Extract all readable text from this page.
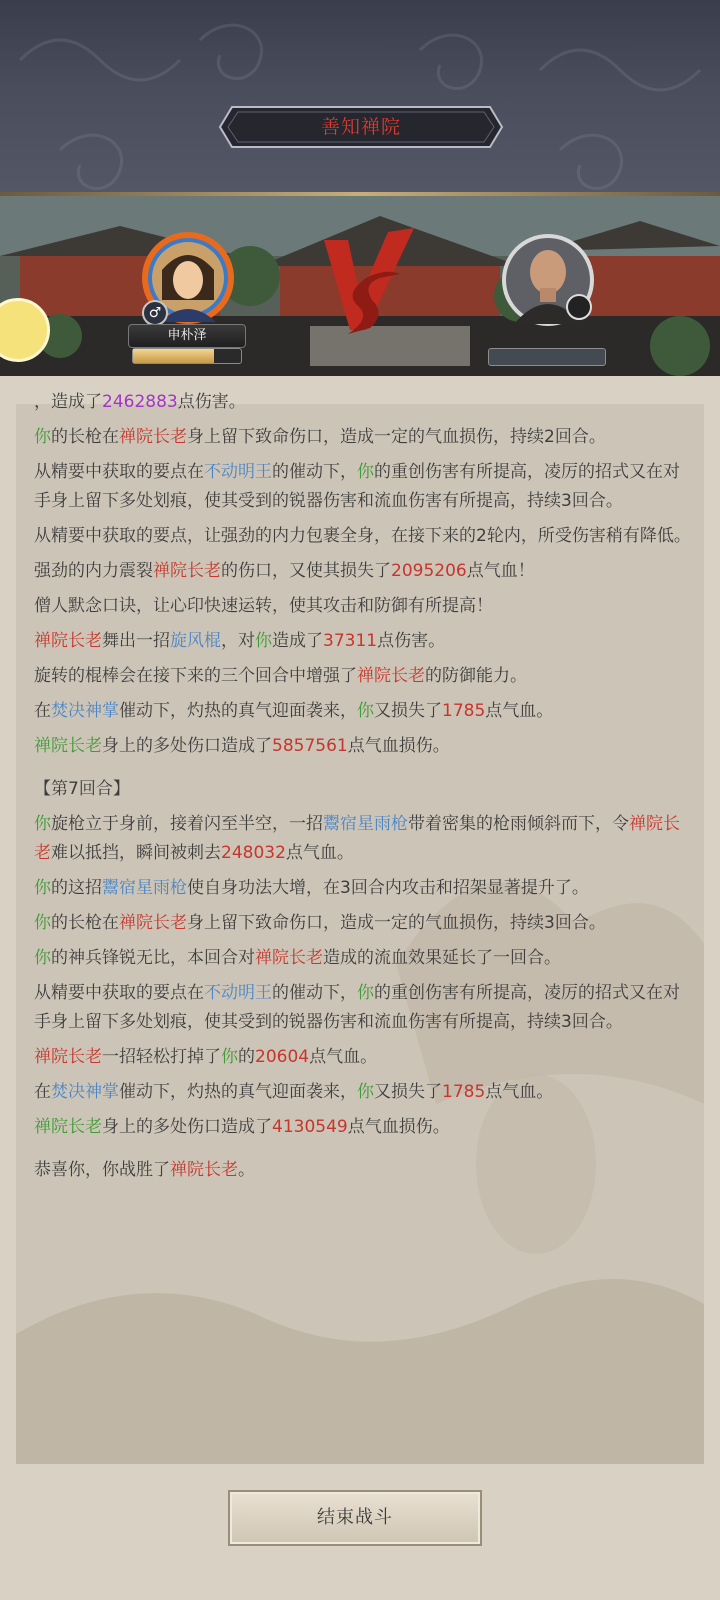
善知禅院
♂
申朴泽
，造成了2462883点伤害。
你的长枪在禅院长老身上留下致命伤口，造成一定的气血损伤，持续2回合。
从精要中获取的要点在不动明王的催动下，你的重创伤害有所提高，凌厉的招式又在对手身上留下多处划痕，使其受到的锐器伤害和流血伤害有所提高，持续3回合。
从精要中获取的要点，让强劲的内力包裹全身，在接下来的2轮内，所受伤害稍有降低。
强劲的内力震裂禅院长老的伤口，又使其损失了2095206点气血！
僧人默念口诀，让心印快速运转，使其攻击和防御有所提高！
禅院长老舞出一招旋风棍，对你造成了37311点伤害。
旋转的棍棒会在接下来的三个回合中增强了禅院长老的防御能力。
在焚决神掌催动下，灼热的真气迎面袭来，你又损失了1785点气血。
禅院长老身上的多处伤口造成了5857561点气血损伤。
【第7回合】
你旋枪立于身前，接着闪至半空，一招鬻宿星雨枪带着密集的枪雨倾斜而下，令禅院长老难以抵挡，瞬间被刺去248032点气血。
你的这招鬻宿星雨枪使自身功法大增，在3回合内攻击和招架显著提升了。
你的长枪在禅院长老身上留下致命伤口，造成一定的气血损伤，持续3回合。
你的神兵锋锐无比，本回合对禅院长老造成的流血效果延长了一回合。
从精要中获取的要点在不动明王的催动下，你的重创伤害有所提高，凌厉的招式又在对手身上留下多处划痕，使其受到的锐器伤害和流血伤害有所提高，持续3回合。
禅院长老一招轻松打掉了你的20604点气血。
在焚决神掌催动下，灼热的真气迎面袭来，你又损失了1785点气血。
禅院长老身上的多处伤口造成了4130549点气血损伤。
恭喜你，你战胜了禅院长老。
结束战斗
